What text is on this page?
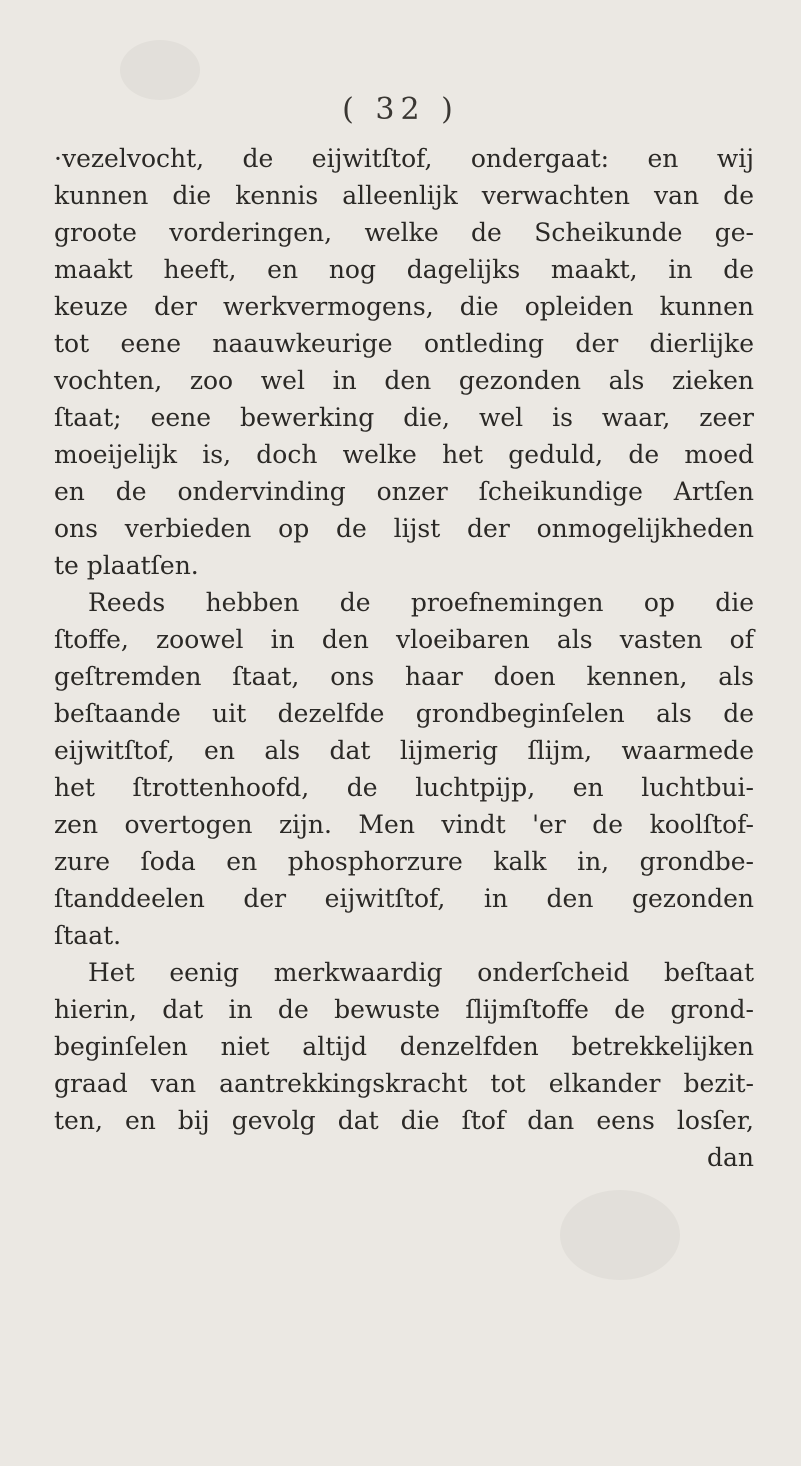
( 32 )
·vezelvocht, de eijwitſtof, ondergaat: en wij
kunnen die kennis alleenlijk verwachten van de
groote vorderingen, welke de Scheikunde ge-
maakt heeft, en nog dagelijks maakt, in de
keuze der werkvermogens, die opleiden kunnen
tot eene naauwkeurige ontleding der dierlijke
vochten, zoo wel in den gezonden als zieken
ſtaat; eene bewerking die, wel is waar, zeer
moeijelijk is, doch welke het geduld, de moed
en de ondervinding onzer ſcheikundige Artſen
ons verbieden op de lijst der onmogelijkheden
te plaatſen.
Reeds hebben de proefnemingen op die
ſtoffe, zoowel in den vloeibaren als vasten of
geſtremden ſtaat, ons haar doen kennen, als
beſtaande uit dezelfde grondbeginſelen als de
eijwitſtof, en als dat lijmerig ſlijm, waarmede
het ſtrottenhoofd, de luchtpijp, en luchtbui-
zen overtogen zijn. Men vindt 'er de koolſtof-
zure ſoda en phosphorzure kalk in, grondbe-
ſtanddeelen der eijwitſtof, in den gezonden
ſtaat.
Het eenig merkwaardig onderſcheid beſtaat
hierin, dat in de bewuste ſlijmſtoffe de grond-
beginſelen niet altijd denzelfden betrekkelijken
graad van aantrekkingskracht tot elkander bezit-
ten, en bij gevolg dat die ſtof dan eens losſer,
dan
